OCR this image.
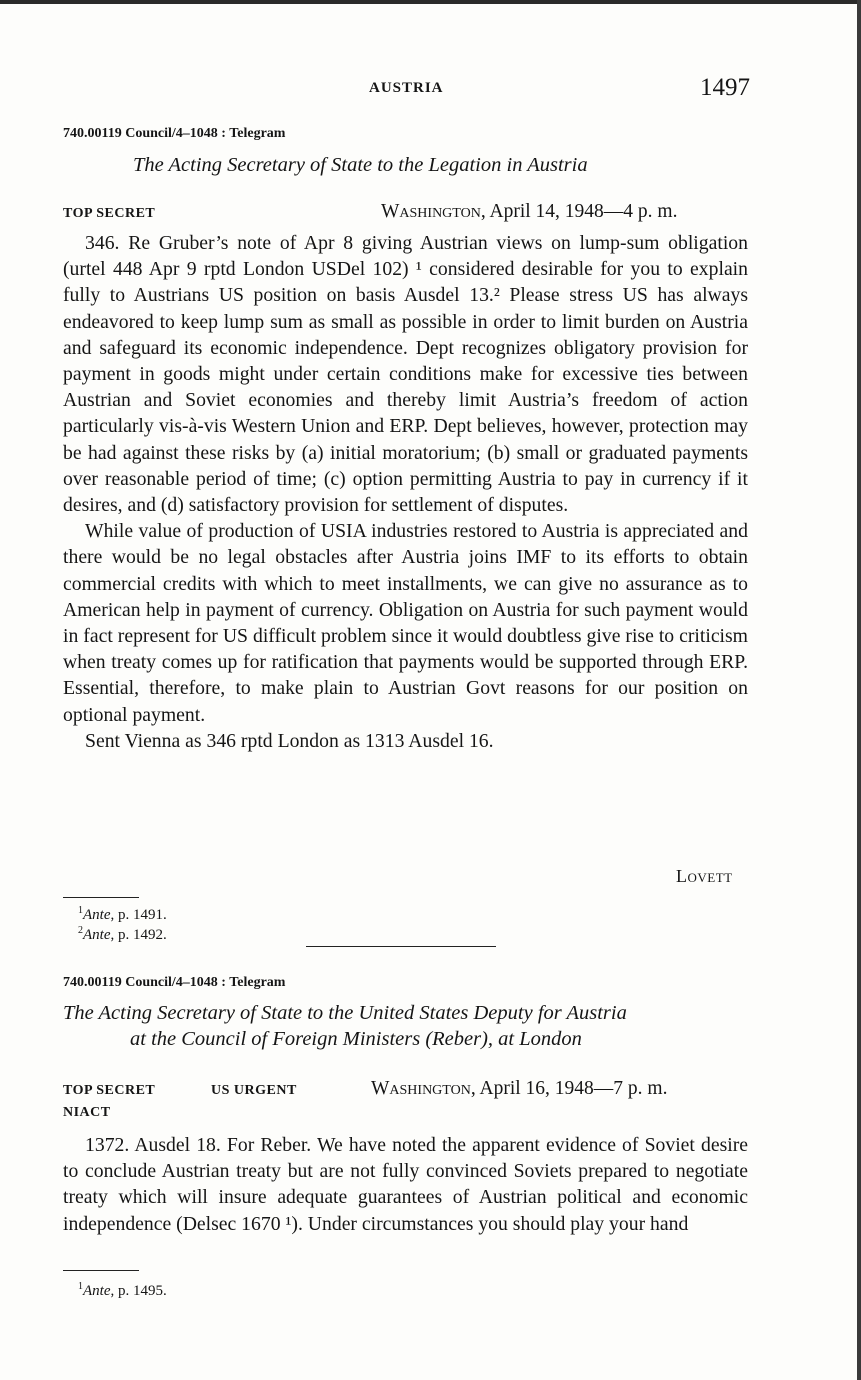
AUSTRIA	1497
740.00119 Council/4–1048 : Telegram
The Acting Secretary of State to the Legation in Austria
TOP SECRET	Washington, April 14, 1948—4 p. m.

346. Re Gruber’s note of Apr 8 giving Austrian views on lump-sum obligation (urtel 448 Apr 9 rptd London USDel 102) ¹ considered desirable for you to explain fully to Austrians US position on basis Ausdel 13.² Please stress US has always endeavored to keep lump sum as small as possible in order to limit burden on Austria and safeguard its economic independence. Dept recognizes obligatory provision for payment in goods might under certain conditions make for excessive ties between Austrian and Soviet economies and thereby limit Austria’s freedom of action particularly vis-à-vis Western Union and ERP. Dept believes, however, protection may be had against these risks by (a) initial moratorium; (b) small or graduated payments over reasonable period of time; (c) option permitting Austria to pay in currency if it desires, and (d) satisfactory provision for settlement of disputes.

While value of production of USIA industries restored to Austria is appreciated and there would be no legal obstacles after Austria joins IMF to its efforts to obtain commercial credits with which to meet installments, we can give no assurance as to American help in payment of currency. Obligation on Austria for such payment would in fact represent for US difficult problem since it would doubtless give rise to criticism when treaty comes up for ratification that payments would be supported through ERP. Essential, therefore, to make plain to Austrian Govt reasons for our position on optional payment.

Sent Vienna as 346 rptd London as 1313 Ausdel 16.

Lovett
$^1$Ante, p. 1491.
$^2$Ante, p. 1492.
740.00119 Council/4–1048 : Telegram
The Acting Secretary of State to the United States Deputy for Austria
at the Council of Foreign Ministers (Reber), at London
TOP SECRET	US URGENT	Washington, April 16, 1948—7 p. m.
NIACT

1372. Ausdel 18. For Reber. We have noted the apparent evidence of Soviet desire to conclude Austrian treaty but are not fully convinced Soviets prepared to negotiate treaty which will insure adequate guarantees of Austrian political and economic independence (Delsec 1670 ¹). Under circumstances you should play your hand

$^1$Ante, p. 1495.
